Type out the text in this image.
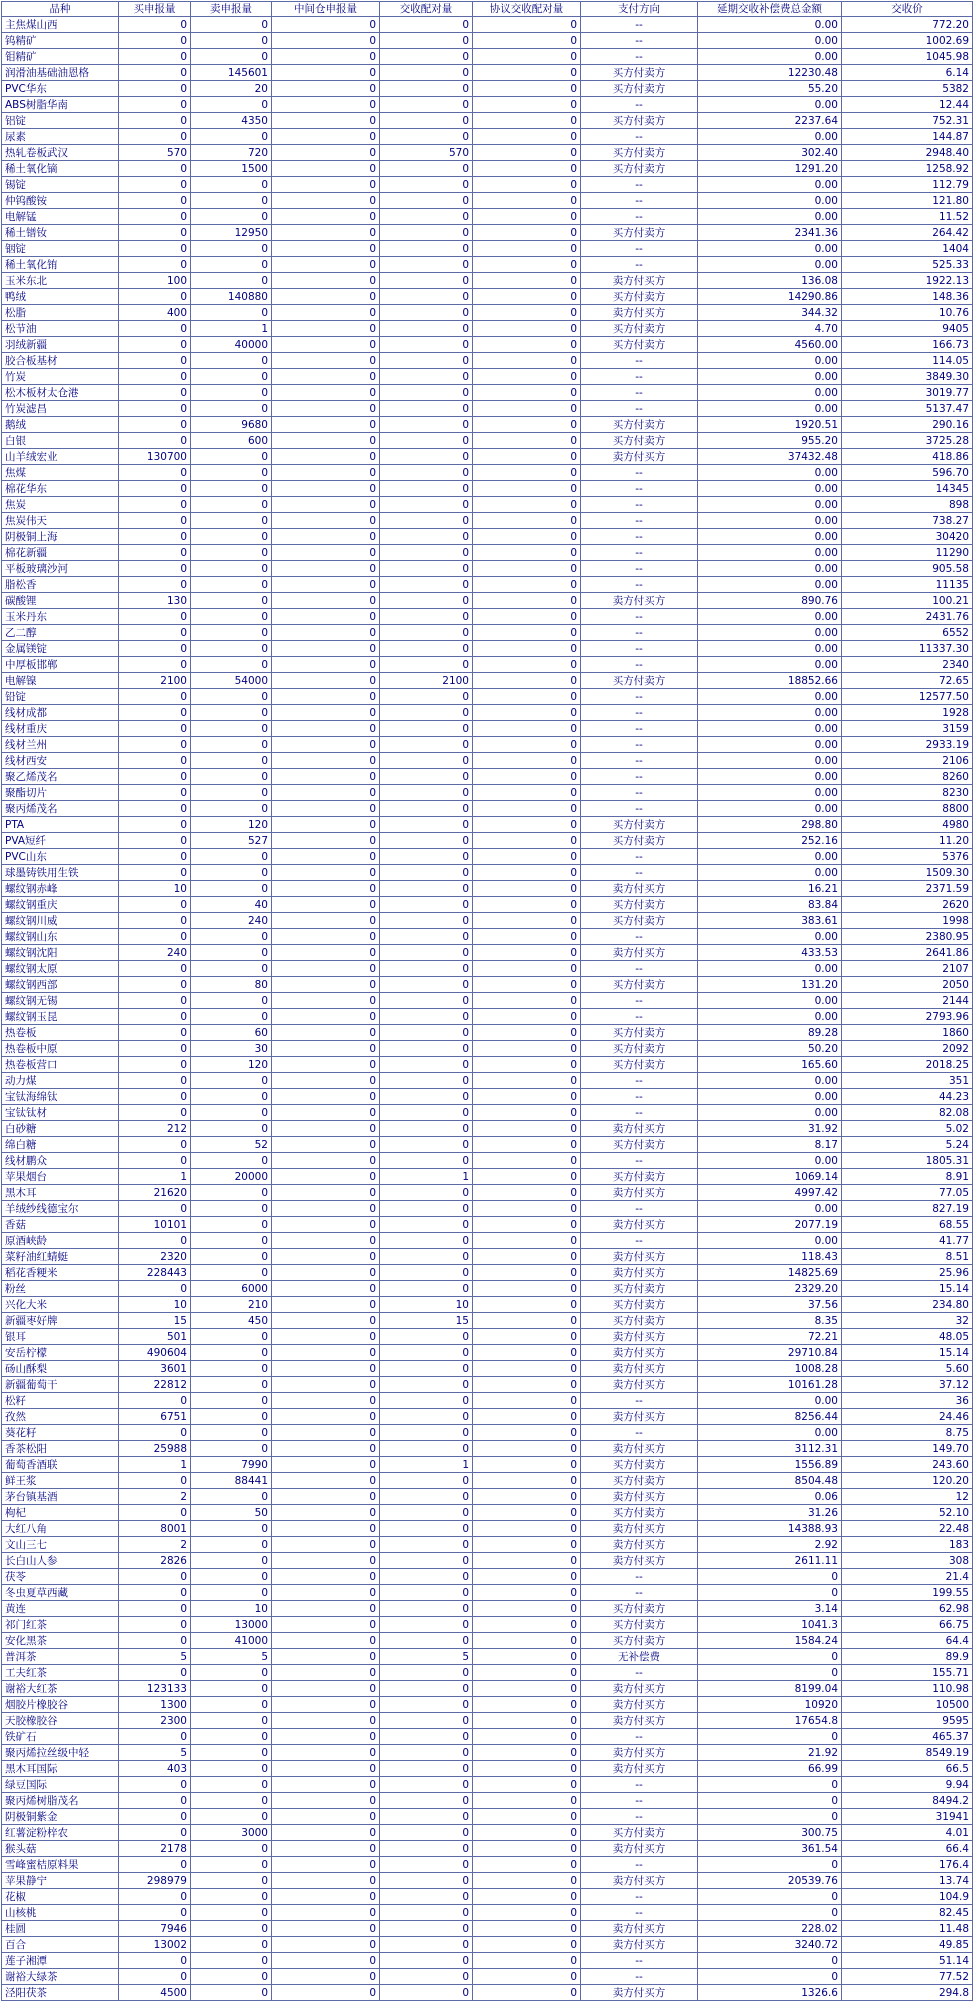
品种	买申报量	卖申报量	中间仓申报量	交收配对量	协议交收配对量	支付方向	延期交收补偿费总金额	交收价
主焦煤山西	0	0	0	0	0	--	0.00	772.20
钨精矿	0	0	0	0	0	--	0.00	1002.69
钼精矿	0	0	0	0	0	--	0.00	1045.98
润滑油基础油恩格	0	145601	0	0	0	买方付卖方	12230.48	6.14
PVC华东	0	20	0	0	0	买方付卖方	55.20	5382
ABS树脂华南	0	0	0	0	0	--	0.00	12.44
铝锭	0	4350	0	0	0	买方付卖方	2237.64	752.31
尿素	0	0	0	0	0	--	0.00	144.87
热轧卷板武汉	570	720	0	570	0	买方付卖方	302.40	2948.40
稀土氧化镝	0	1500	0	0	0	买方付卖方	1291.20	1258.92
锡锭	0	0	0	0	0	--	0.00	112.79
仲钨酸铵	0	0	0	0	0	--	0.00	121.80
电解锰	0	0	0	0	0	--	0.00	11.52
稀土镨钕	0	12950	0	0	0	买方付卖方	2341.36	264.42
铟锭	0	0	0	0	0	--	0.00	1404
稀土氧化铕	0	0	0	0	0	--	0.00	525.33
玉米东北	100	0	0	0	0	卖方付买方	136.08	1922.13
鸭绒	0	140880	0	0	0	买方付卖方	14290.86	148.36
松脂	400	0	0	0	0	卖方付买方	344.32	10.76
松节油	0	1	0	0	0	买方付卖方	4.70	9405
羽绒新疆	0	40000	0	0	0	买方付卖方	4560.00	166.73
胶合板基材	0	0	0	0	0	--	0.00	114.05
竹炭	0	0	0	0	0	--	0.00	3849.30
松木板材太仓港	0	0	0	0	0	--	0.00	3019.77
竹炭滤昌	0	0	0	0	0	--	0.00	5137.47
鹅绒	0	9680	0	0	0	买方付卖方	1920.51	290.16
白银	0	600	0	0	0	买方付卖方	955.20	3725.28
山羊绒宏业	130700	0	0	0	0	卖方付买方	37432.48	418.86
焦煤	0	0	0	0	0	--	0.00	596.70
棉花华东	0	0	0	0	0	--	0.00	14345
焦炭	0	0	0	0	0	--	0.00	898
焦炭伟天	0	0	0	0	0	--	0.00	738.27
阴极铜上海	0	0	0	0	0	--	0.00	30420
棉花新疆	0	0	0	0	0	--	0.00	11290
平板玻璃沙河	0	0	0	0	0	--	0.00	905.58
脂松香	0	0	0	0	0	--	0.00	11135
碳酸锂	130	0	0	0	0	卖方付买方	890.76	100.21
玉米丹东	0	0	0	0	0	--	0.00	2431.76
乙二醇	0	0	0	0	0	--	0.00	6552
金属镁锭	0	0	0	0	0	--	0.00	11337.30
中厚板邯郸	0	0	0	0	0	--	0.00	2340
电解镍	2100	54000	0	2100	0	买方付卖方	18852.66	72.65
铅锭	0	0	0	0	0	--	0.00	12577.50
线材成都	0	0	0	0	0	--	0.00	1928
线材重庆	0	0	0	0	0	--	0.00	3159
线材兰州	0	0	0	0	0	--	0.00	2933.19
线材西安	0	0	0	0	0	--	0.00	2106
聚乙烯茂名	0	0	0	0	0	--	0.00	8260
聚酯切片	0	0	0	0	0	--	0.00	8230
聚丙烯茂名	0	0	0	0	0	--	0.00	8800
PTA	0	120	0	0	0	买方付卖方	298.80	4980
PVA短纤	0	527	0	0	0	买方付卖方	252.16	11.20
PVC山东	0	0	0	0	0	--	0.00	5376
球墨铸铁用生铁	0	0	0	0	0	--	0.00	1509.30
螺纹钢赤峰	10	0	0	0	0	卖方付买方	16.21	2371.59
螺纹钢重庆	0	40	0	0	0	买方付卖方	83.84	2620
螺纹钢川威	0	240	0	0	0	买方付卖方	383.61	1998
螺纹钢山东	0	0	0	0	0	--	0.00	2380.95
螺纹钢沈阳	240	0	0	0	0	卖方付买方	433.53	2641.86
螺纹钢太原	0	0	0	0	0	--	0.00	2107
螺纹钢西部	0	80	0	0	0	买方付卖方	131.20	2050
螺纹钢无锡	0	0	0	0	0	--	0.00	2144
螺纹钢玉昆	0	0	0	0	0	--	0.00	2793.96
热卷板	0	60	0	0	0	买方付卖方	89.28	1860
热卷板中原	0	30	0	0	0	买方付卖方	50.20	2092
热卷板营口	0	120	0	0	0	买方付卖方	165.60	2018.25
动力煤	0	0	0	0	0	--	0.00	351
宝钛海绵钛	0	0	0	0	0	--	0.00	44.23
宝钛钛材	0	0	0	0	0	--	0.00	82.08
白砂糖	212	0	0	0	0	卖方付买方	31.92	5.02
绵白糖	0	52	0	0	0	买方付卖方	8.17	5.24
线材鹏众	0	0	0	0	0	--	0.00	1805.31
苹果烟台	1	20000	0	1	0	买方付卖方	1069.14	8.91
黑木耳	21620	0	0	0	0	卖方付买方	4997.42	77.05
羊绒纱线德宝尔	0	0	0	0	0	--	0.00	827.19
香菇	10101	0	0	0	0	卖方付买方	2077.19	68.55
原酒峡龄	0	0	0	0	0	--	0.00	41.77
菜籽油红蜻蜓	2320	0	0	0	0	卖方付买方	118.43	8.51
稻花香粳米	228443	0	0	0	0	卖方付买方	14825.69	25.96
粉丝	0	6000	0	0	0	买方付卖方	2329.20	15.14
兴化大米	10	210	0	10	0	买方付卖方	37.56	234.80
新疆枣好牌	15	450	0	15	0	买方付卖方	8.35	32
银耳	501	0	0	0	0	卖方付买方	72.21	48.05
安岳柠檬	490604	0	0	0	0	卖方付买方	29710.84	15.14
砀山酥梨	3601	0	0	0	0	卖方付买方	1008.28	5.60
新疆葡萄干	22812	0	0	0	0	卖方付买方	10161.28	37.12
松籽	0	0	0	0	0	--	0.00	36
孜然	6751	0	0	0	0	卖方付买方	8256.44	24.46
葵花籽	0	0	0	0	0	--	0.00	8.75
香茶松阳	25988	0	0	0	0	卖方付买方	3112.31	149.70
葡萄香酒联	1	7990	0	1	0	买方付卖方	1556.89	243.60
鲜王浆	0	88441	0	0	0	买方付卖方	8504.48	120.20
茅台镇基酒	2	0	0	0	0	卖方付买方	0.06	12
枸杞	0	50	0	0	0	买方付卖方	31.26	52.10
大红八角	8001	0	0	0	0	卖方付买方	14388.93	22.48
文山三七	2	0	0	0	0	卖方付买方	2.92	183
长白山人参	2826	0	0	0	0	卖方付买方	2611.11	308
茯苓	0	0	0	0	0	--	0	21.4
冬虫夏草西藏	0	0	0	0	0	--	0	199.55
黄连	0	10	0	0	0	买方付卖方	3.14	62.98
祁门红茶	0	13000	0	0	0	买方付卖方	1041.3	66.75
安化黑茶	0	41000	0	0	0	买方付卖方	1584.24	64.4
普洱茶	5	5	0	5	0	无补偿费	0	89.9
工夫红茶	0	0	0	0	0	--	0	155.71
谢裕大红茶	123133	0	0	0	0	卖方付买方	8199.04	110.98
烟胶片橡胶谷	1300	0	0	0	0	卖方付买方	10920	10500
天胶橡胶谷	2300	0	0	0	0	卖方付买方	17654.8	9595
铁矿石	0	0	0	0	0	--	0	465.37
聚丙烯拉丝级中轻	5	0	0	0	0	卖方付买方	21.92	8549.19
黑木耳国际	403	0	0	0	0	卖方付买方	66.99	66.5
绿豆国际	0	0	0	0	0	--	0	9.94
聚丙烯树脂茂名	0	0	0	0	0	--	0	8494.2
阴极铜紫金	0	0	0	0	0	--	0	31941
红薯淀粉梓农	0	3000	0	0	0	买方付卖方	300.75	4.01
猴头菇	2178	0	0	0	0	卖方付买方	361.54	66.4
雪峰蜜桔原料果	0	0	0	0	0	--	0	176.4
苹果静宁	298979	0	0	0	0	卖方付买方	20539.76	13.74
花椒	0	0	0	0	0	--	0	104.9
山核桃	0	0	0	0	0	--	0	82.45
桂圆	7946	0	0	0	0	卖方付买方	228.02	11.48
百合	13002	0	0	0	0	卖方付买方	3240.72	49.85
莲子湘潭	0	0	0	0	0	--	0	51.14
谢裕大绿茶	0	0	0	0	0	--	0	77.52
泾阳茯茶	4500	0	0	0	0	卖方付买方	1326.6	294.8
